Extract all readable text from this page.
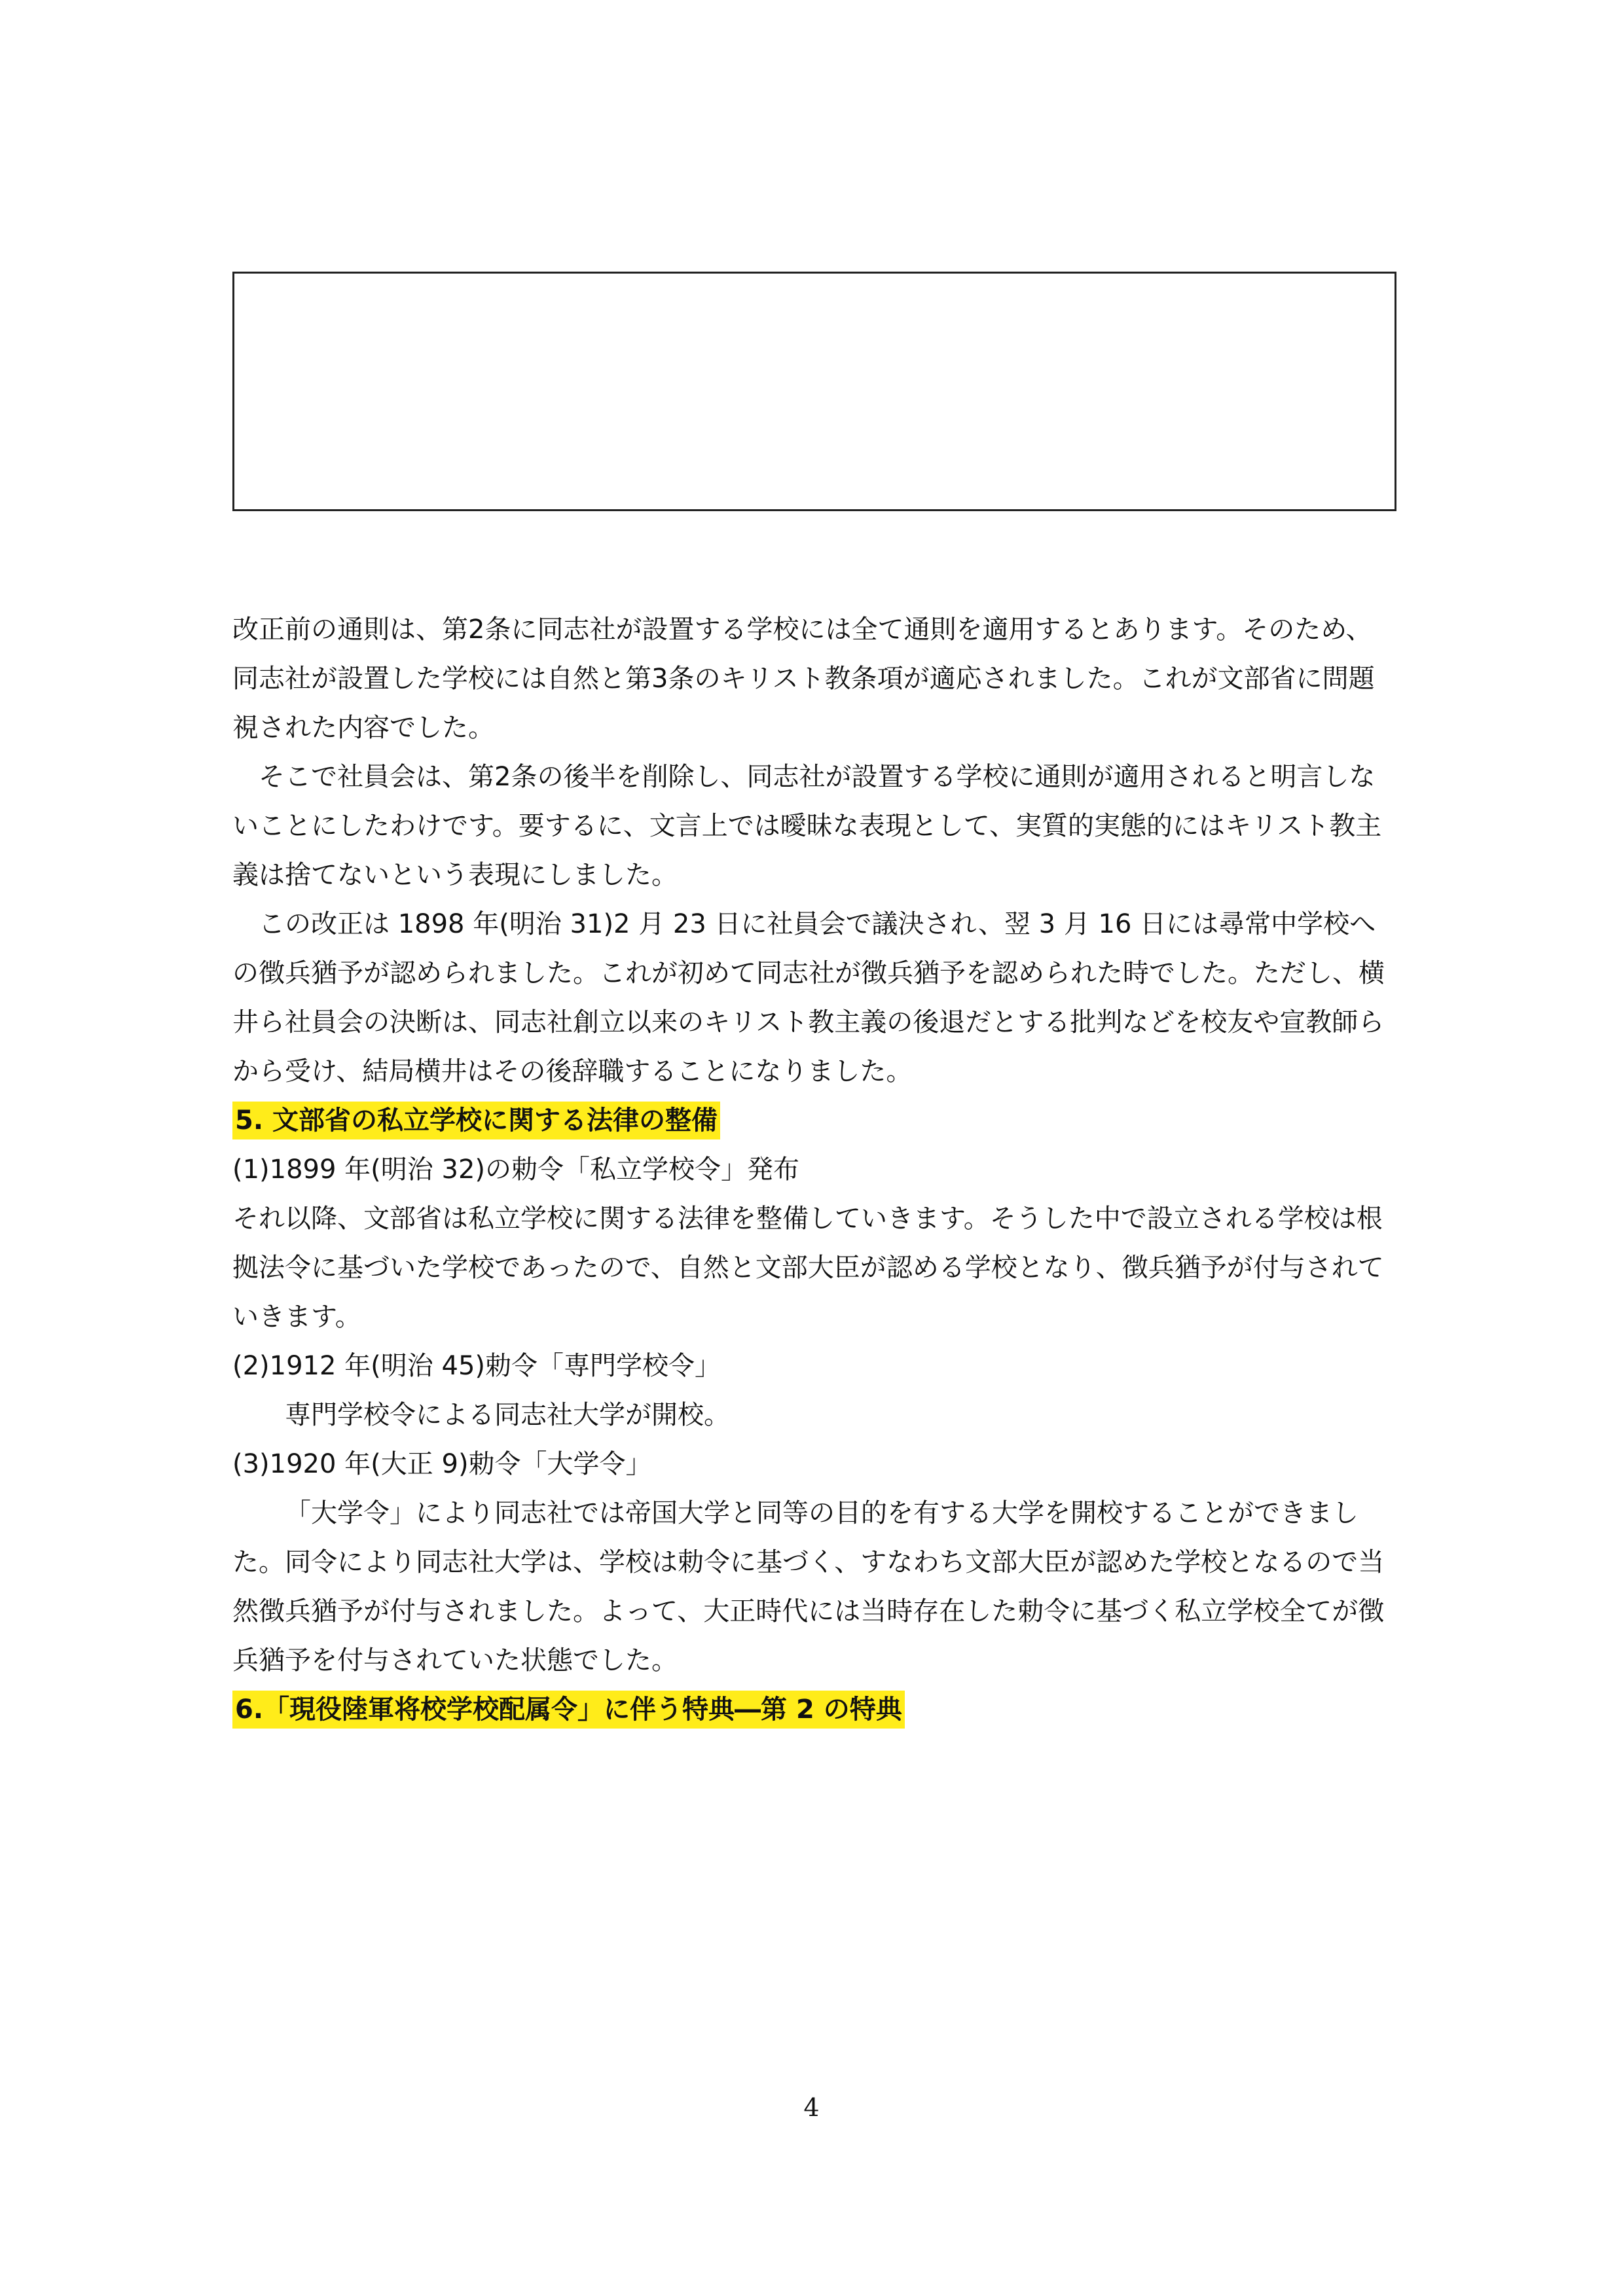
改正前の通則は、第2条に同志社が設置する学校には全て通則を適用するとあります。そのため、同志社が設置した学校には自然と第3条のキリスト教条項が適応されました。これが文部省に問題視された内容でした。

そこで社員会は、第2条の後半を削除し、同志社が設置する学校に通則が適用されると明言しないことにしたわけです。要するに、文言上では曖昧な表現として、実質的実態的にはキリスト教主義は捨てないという表現にしました。

この改正は 1898 年(明治 31)2 月 23 日に社員会で議決され、翌 3 月 16 日には尋常中学校への徴兵猶予が認められました。これが初めて同志社が徴兵猶予を認められた時でした。ただし、横井ら社員会の決断は、同志社創立以来のキリスト教主義の後退だとする批判などを校友や宣教師らから受け、結局横井はその後辞職することになりました。

5. 文部省の私立学校に関する法律の整備

(1)1899 年(明治 32)の勅令「私立学校令」発布

それ以降、文部省は私立学校に関する法律を整備していきます。そうした中で設立される学校は根拠法令に基づいた学校であったので、自然と文部大臣が認める学校となり、徴兵猶予が付与されていきます。

(2)1912 年(明治 45)勅令「専門学校令」

専門学校令による同志社大学が開校。

(3)1920 年(大正 9)勅令「大学令」

「大学令」により同志社では帝国大学と同等の目的を有する大学を開校することができました。同令により同志社大学は、学校は勅令に基づく、すなわち文部大臣が認めた学校となるので当然徴兵猶予が付与されました。よって、大正時代には当時存在した勅令に基づく私立学校全てが徴兵猶予を付与されていた状態でした。

6.「現役陸軍将校学校配属令」に伴う特典―第 2 の特典

4
